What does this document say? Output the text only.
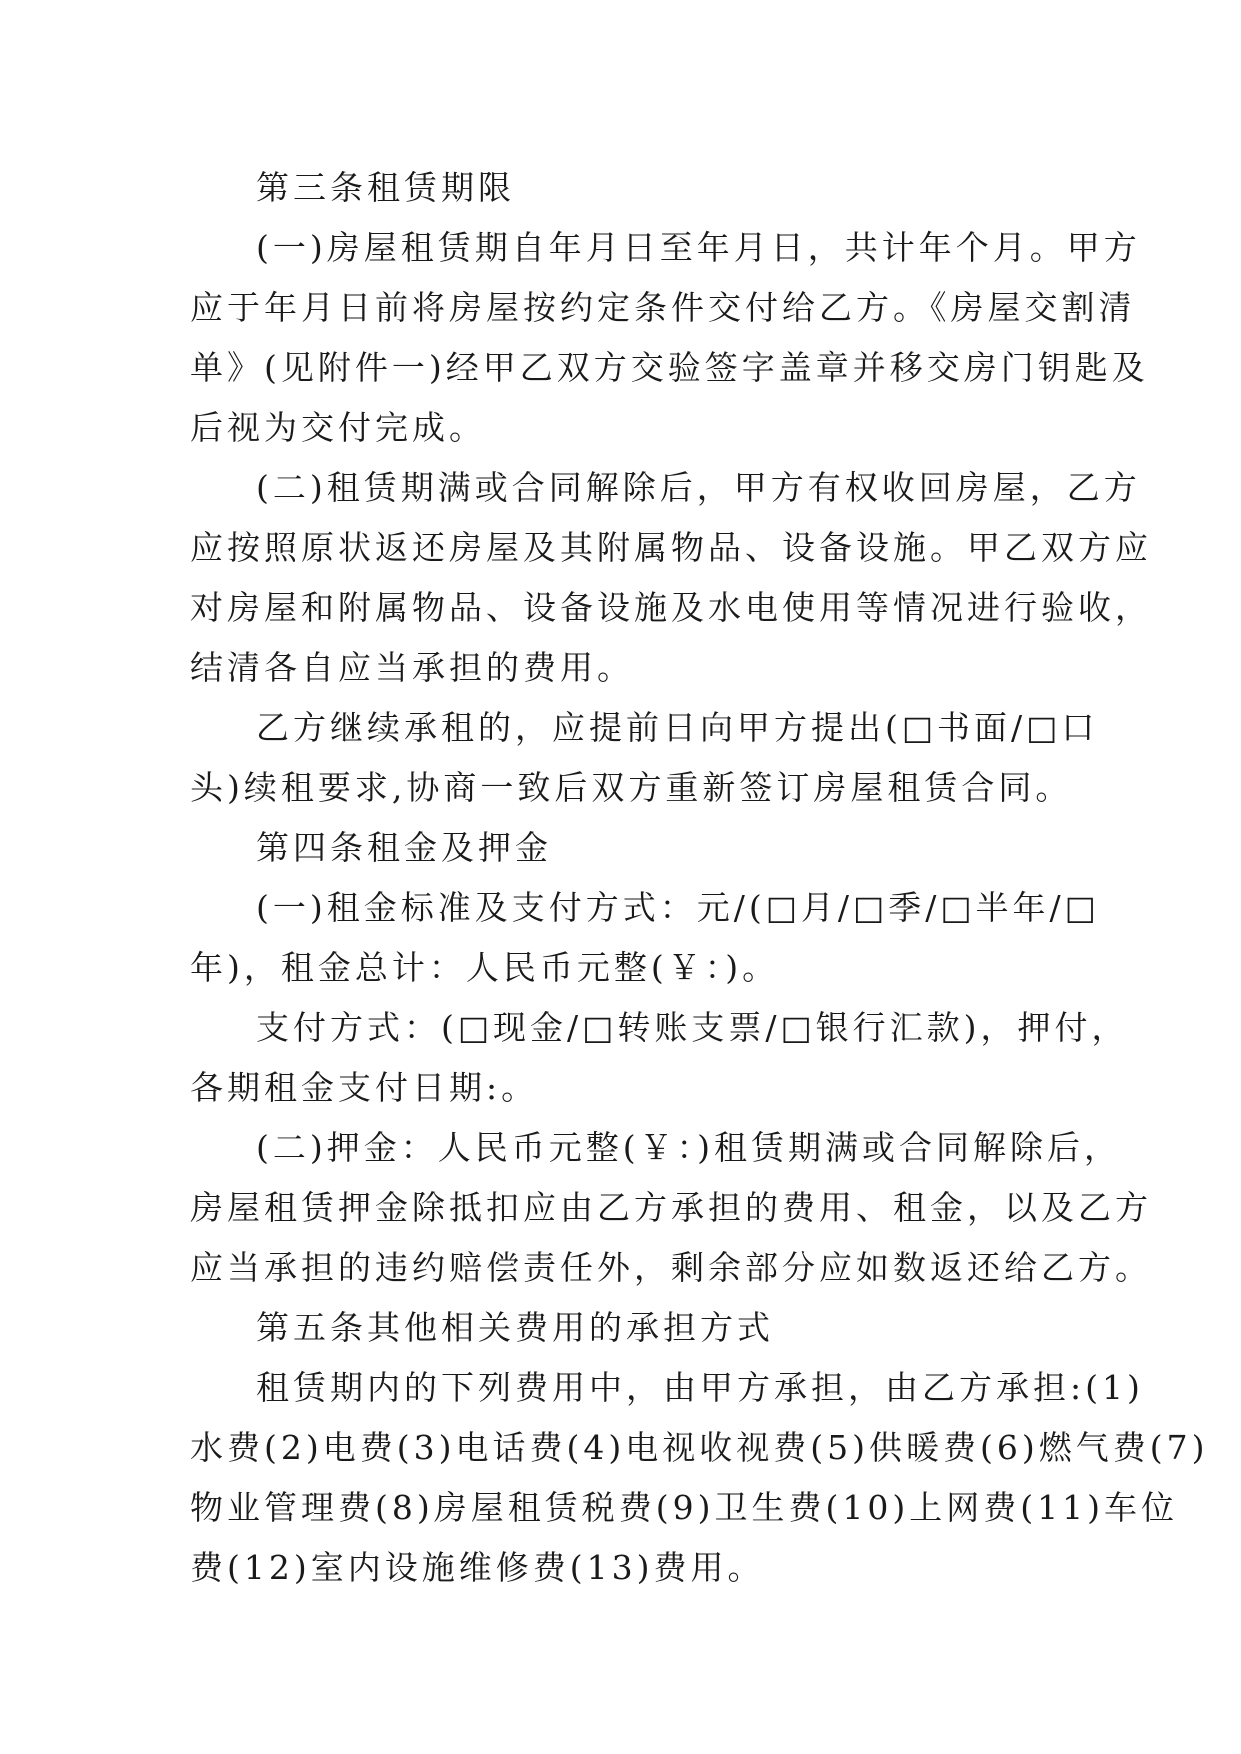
第三条租赁期限
(一)房屋租赁期自年月日至年月日，共计年个月。甲方
应于年月日前将房屋按约定条件交付给乙方。《房屋交割清
单》(见附件一)经甲乙双方交验签字盖章并移交房门钥匙及
后视为交付完成。
(二)租赁期满或合同解除后，甲方有权收回房屋，乙方
应按照原状返还房屋及其附属物品、设备设施。甲乙双方应
对房屋和附属物品、设备设施及水电使用等情况进行验收，
结清各自应当承担的费用。
乙方继续承租的，应提前日向甲方提出(□书面/□口
头)续租要求,协商一致后双方重新签订房屋租赁合同。
第四条租金及押金
(一)租金标准及支付方式：元/(□月/□季/□半年/□
年)，租金总计：人民币元整(￥：)。
支付方式：(□现金/□转账支票/□银行汇款)，押付，
各期租金支付日期:。
(二)押金：人民币元整(￥：)租赁期满或合同解除后，
房屋租赁押金除抵扣应由乙方承担的费用、租金，以及乙方
应当承担的违约赔偿责任外，剩余部分应如数返还给乙方。
第五条其他相关费用的承担方式
租赁期内的下列费用中，由甲方承担，由乙方承担:(1)
水费(2)电费(3)电话费(4)电视收视费(5)供暖费(6)燃气费(7)
物业管理费(8)房屋租赁税费(9)卫生费(10)上网费(11)车位
费(12)室内设施维修费(13)费用。
